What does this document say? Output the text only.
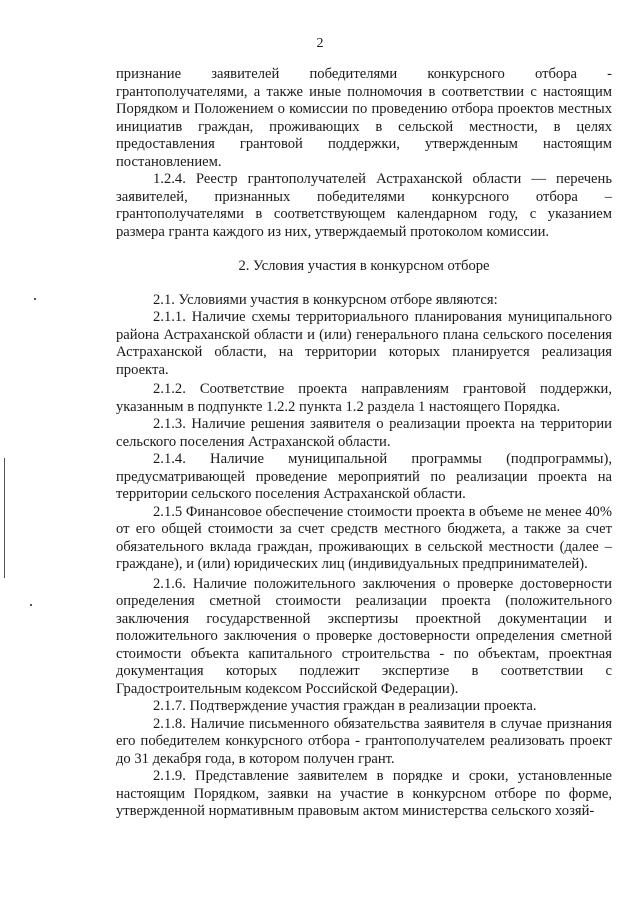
2

признание заявителей победителями конкурсного отбора - грантополучателями, а также иные полномочия в соответствии с настоящим Порядком и Положением о комиссии по проведению отбора проектов местных инициатив граждан, проживающих в сельской местности, в целях предоставления грантовой поддержки, утвержденным настоящим постановлением.

1.2.4. Реестр грантополучателей Астраханской области — перечень заявителей, признанных победителями конкурсного отбора – грантополучателями в соответствующем календарном году, с указанием размера гранта каждого из них, утверждаемый протоколом комиссии.

2. Условия участия в конкурсном отборе

2.1. Условиями участия в конкурсном отборе являются:

2.1.1. Наличие схемы территориального планирования муниципального района Астраханской области и (или) генерального плана сельского поселения Астраханской области, на территории которых планируется реализация проекта.

2.1.2. Соответствие проекта направлениям грантовой поддержки, указанным в подпункте 1.2.2 пункта 1.2 раздела 1 настоящего Порядка.

2.1.3. Наличие решения заявителя о реализации проекта на территории сельского поселения Астраханской области.

2.1.4. Наличие муниципальной программы (подпрограммы), предусматривающей проведение мероприятий по реализации проекта на территории сельского поселения Астраханской области.

2.1.5 Финансовое обеспечение стоимости проекта в объеме не менее 40% от его общей стоимости за счет средств местного бюджета, а также за счет обязательного вклада граждан, проживающих в сельской местности (далее – граждане), и (или) юридических лиц (индивидуальных предпринимателей).

2.1.6. Наличие положительного заключения о проверке достоверности определения сметной стоимости реализации проекта (положительного заключения государственной экспертизы проектной документации и положительного заключения о проверке достоверности определения сметной стоимости объекта капитального строительства - по объектам, проектная документация которых подлежит экспертизе в соответствии с Градостроительным кодексом Российской Федерации).

2.1.7. Подтверждение участия граждан в реализации проекта.

2.1.8. Наличие письменного обязательства заявителя в случае признания его победителем конкурсного отбора - грантополучателем реализовать проект до 31 декабря года, в котором получен грант.

2.1.9. Представление заявителем в порядке и сроки, установленные настоящим Порядком, заявки на участие в конкурсном отборе по форме, утвержденной нормативным правовым актом министерства сельского хозяй-
